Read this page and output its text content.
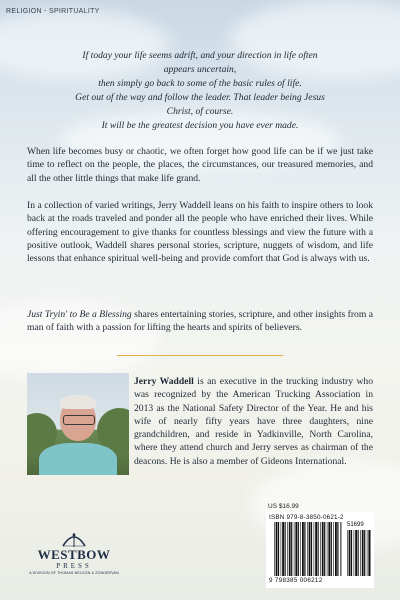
RELIGION - SPIRITUALITY

If today your life seems adrift, and your direction in life often

appears uncertain,

then simply go back to some of the basic rules of life.

Get out of the way and follow the leader. That leader being Jesus

Christ, of course.

It will be the greatest decision you have ever made.

When life becomes busy or chaotic, we often forget how good life can be if we just take time to reflect on the people, the places, the circumstances, our treasured memories, and all the other little things that make life grand.

In a collection of varied writings, Jerry Waddell leans on his faith to inspire others to look back at the roads traveled and ponder all the people who have enriched their lives. While offering encouragement to give thanks for countless blessings and view the future with a positive outlook, Waddell shares personal stories, scripture, nuggets of wisdom, and life lessons that enhance spiritual well-being and provide comfort that God is always with us.

Just Tryin' to Be a Blessing shares entertaining stories, scripture, and other insights from a man of faith with a passion for lifting the hearts and spirits of believers.

Jerry Waddell is an executive in the trucking industry who was recognized by the American Trucking Association in 2013 as the National Safety Director of the Year. He and his wife of nearly fifty years have three daughters, nine grandchildren, and reside in Yadkinville, North Carolina, where they attend church and Jerry serves as chairman of the deacons. He is also a member of Gideons International.
WESTBOW
PRESS
A DIVISION OF THOMAS NELSON & ZONDERVAN
US $16.99
ISBN 979-8-3850-0621-2
51699
9 798385 006212
